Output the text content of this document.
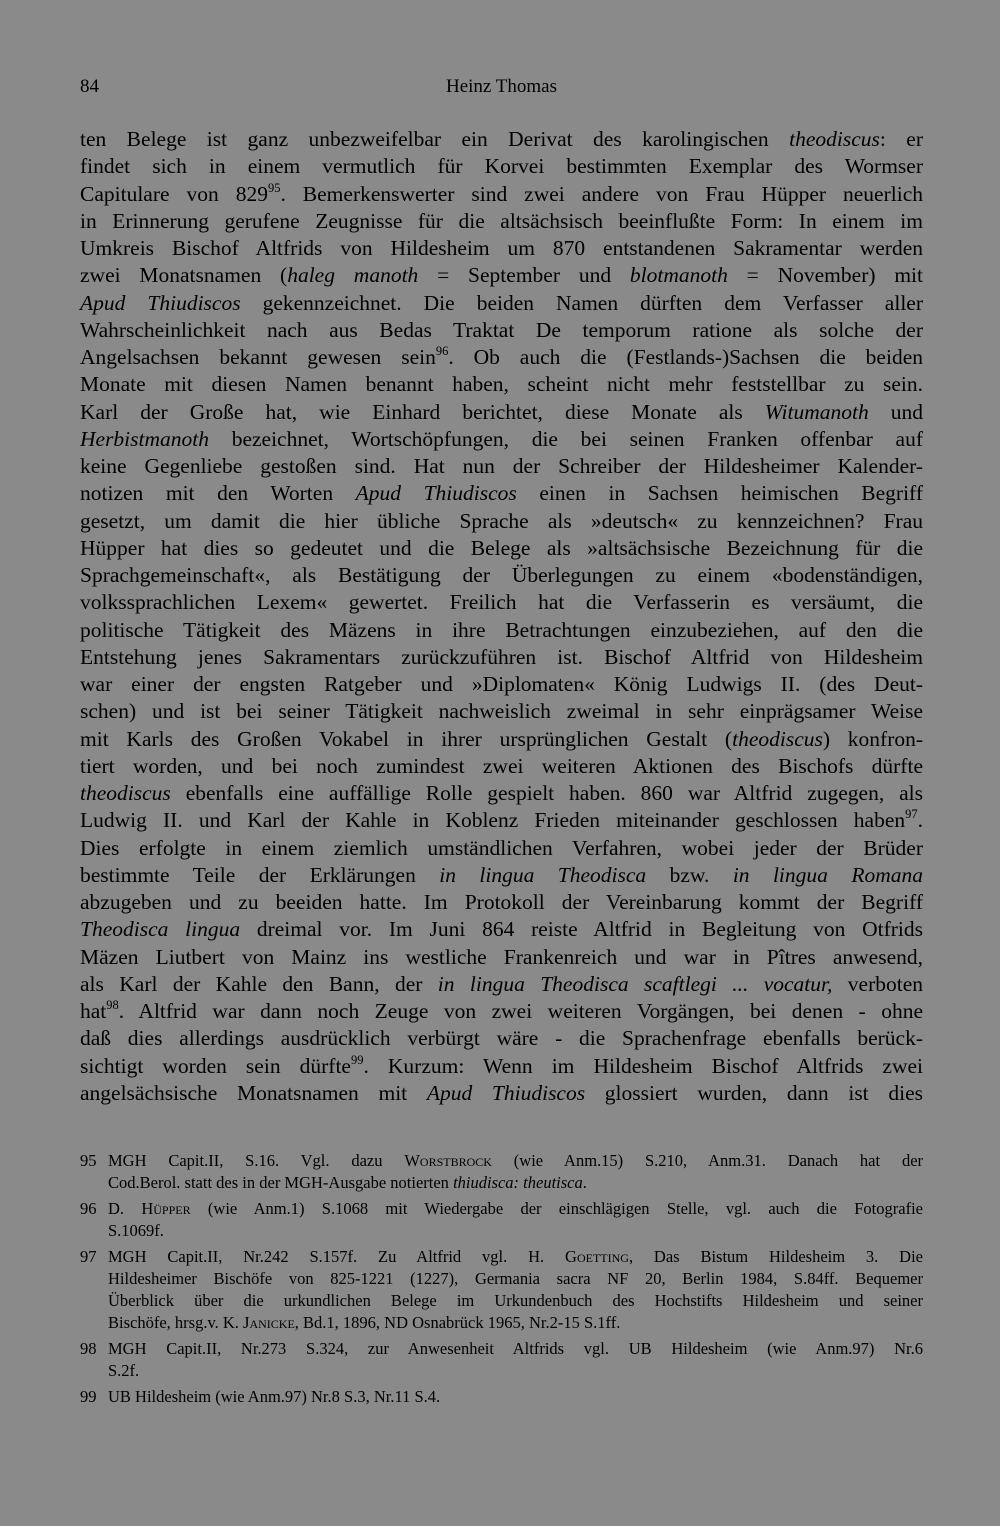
84	Heinz Thomas
ten Belege ist ganz unbezweifelbar ein Derivat des karolingischen theodiscus: er
findet sich in einem vermutlich für Korvei bestimmten Exemplar des Wormser
Capitulare von $829^{95}$. Bemerkenswerter sind zwei andere von Frau Hüpper neuerlich
in Erinnerung gerufene Zeugnisse für die altsächsisch beeinflußte Form: In einem im
Umkreis Bischof Altfrids von Hildesheim um 870 entstandenen Sakramentar werden
zwei Monatsnamen (haleg manoth = September und blotmanoth = November) mit
Apud Thiudiscos gekennzeichnet. Die beiden Namen dürften dem Verfasser aller
Wahrscheinlichkeit nach aus Bedas Traktat De temporum ratione als solche der
Angelsachsen bekannt gewesen sein$^{96}$. Ob auch die (Festlands-)Sachsen die beiden
Monate mit diesen Namen benannt haben, scheint nicht mehr feststellbar zu sein.
Karl der Große hat, wie Einhard berichtet, diese Monate als Witumanoth und
Herbistmanoth bezeichnet, Wortschöpfungen, die bei seinen Franken offenbar auf
keine Gegenliebe gestoßen sind. Hat nun der Schreiber der Hildesheimer Kalender-
notizen mit den Worten Apud Thiudiscos einen in Sachsen heimischen Begriff
gesetzt, um damit die hier übliche Sprache als »deutsch« zu kennzeichnen? Frau
Hüpper hat dies so gedeutet und die Belege als »altsächsische Bezeichnung für die
Sprachgemeinschaft«, als Bestätigung der Überlegungen zu einem «bodenständigen,
volkssprachlichen Lexem« gewertet. Freilich hat die Verfasserin es versäumt, die
politische Tätigkeit des Mäzens in ihre Betrachtungen einzubeziehen, auf den die
Entstehung jenes Sakramentars zurückzuführen ist. Bischof Altfrid von Hildesheim
war einer der engsten Ratgeber und »Diplomaten« König Ludwigs II. (des Deut-
schen) und ist bei seiner Tätigkeit nachweislich zweimal in sehr einprägsamer Weise
mit Karls des Großen Vokabel in ihrer ursprünglichen Gestalt (theodiscus) konfron-
tiert worden, und bei noch zumindest zwei weiteren Aktionen des Bischofs dürfte
theodiscus ebenfalls eine auffällige Rolle gespielt haben. 860 war Altfrid zugegen, als
Ludwig II. und Karl der Kahle in Koblenz Frieden miteinander geschlossen haben$^{97}$.
Dies erfolgte in einem ziemlich umständlichen Verfahren, wobei jeder der Brüder
bestimmte Teile der Erklärungen in lingua Theodisca bzw. in lingua Romana
abzugeben und zu beeiden hatte. Im Protokoll der Vereinbarung kommt der Begriff
Theodisca lingua dreimal vor. Im Juni 864 reiste Altfrid in Begleitung von Otfrids
Mäzen Liutbert von Mainz ins westliche Frankenreich und war in Pîtres anwesend,
als Karl der Kahle den Bann, der in lingua Theodisca scaftlegi ... vocatur, verboten
hat$^{98}$. Altfrid war dann noch Zeuge von zwei weiteren Vorgängen, bei denen - ohne
daß dies allerdings ausdrücklich verbürgt wäre - die Sprachenfrage ebenfalls berück-
sichtigt worden sein dürfte$^{99}$. Kurzum: Wenn im Hildesheim Bischof Altfrids zwei
angelsächsische Monatsnamen mit Apud Thiudiscos glossiert wurden, dann ist dies
95 MGH Capit.II, S.16. Vgl. dazu Worstbrock (wie Anm.15) S.210, Anm.31. Danach hat der
Cod.Berol. statt des in der MGH-Ausgabe notierten thiudisca: theutisca.
96 D. Hüpper (wie Anm.1) S.1068 mit Wiedergabe der einschlägigen Stelle, vgl. auch die Fotografie
S.1069f.
97 MGH Capit.II, Nr.242 S.157f. Zu Altfrid vgl. H. Goetting, Das Bistum Hildesheim 3. Die
Hildesheimer Bischöfe von 825-1221 (1227), Germania sacra NF 20, Berlin 1984, S.84ff. Bequemer
Überblick über die urkundlichen Belege im Urkundenbuch des Hochstifts Hildesheim und seiner
Bischöfe, hrsg.v. K. Janicke, Bd.1, 1896, ND Osnabrück 1965, Nr.2-15 S.1ff.
98 MGH Capit.II, Nr.273 S.324, zur Anwesenheit Altfrids vgl. UB Hildesheim (wie Anm.97) Nr.6
S.2f.
99 UB Hildesheim (wie Anm.97) Nr.8 S.3, Nr.11 S.4.
